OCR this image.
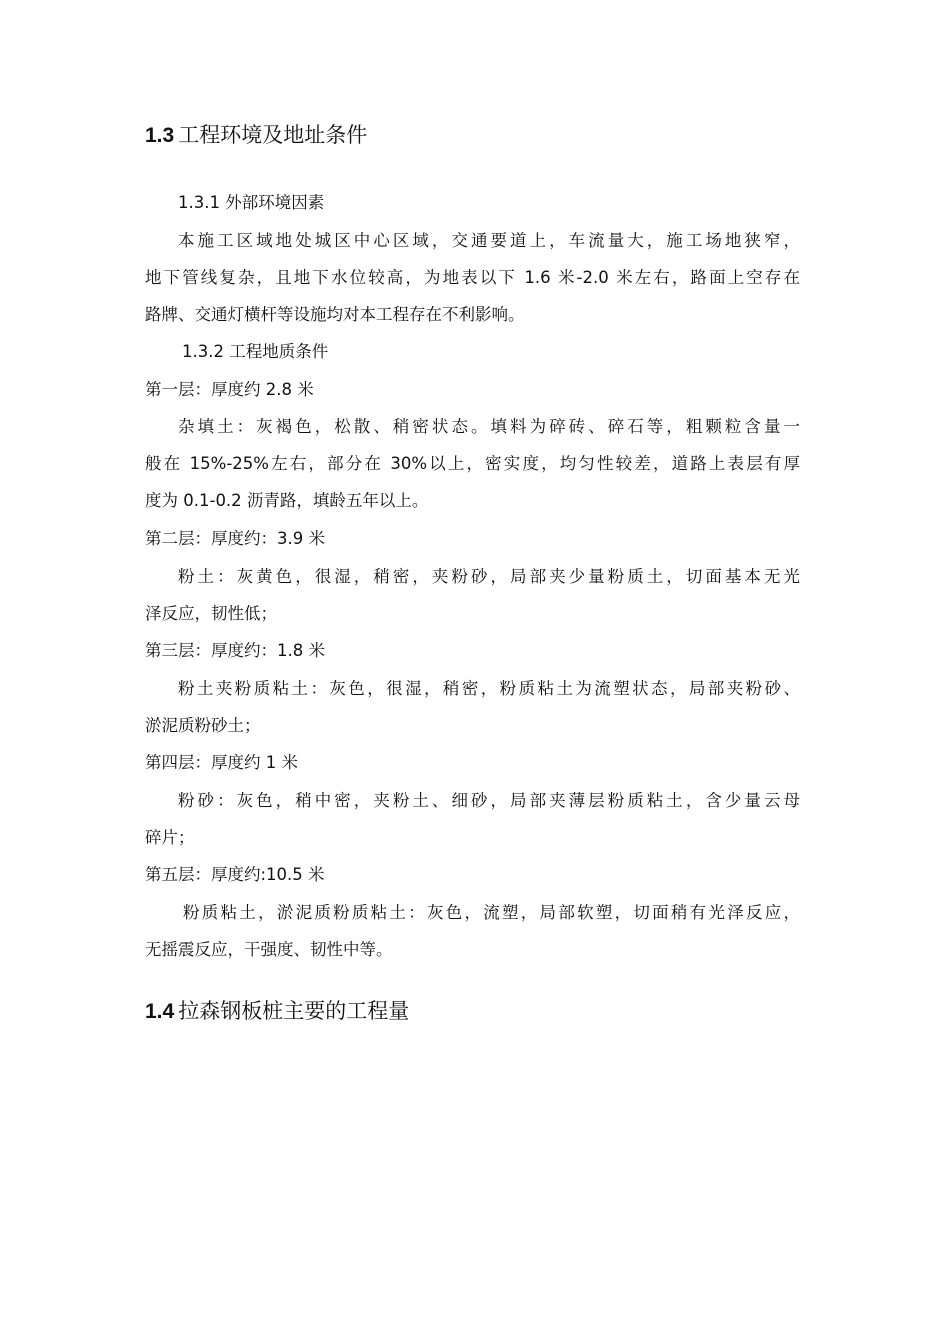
1.3 工程环境及地址条件
1.3.1 外部环境因素
本施工区域地处城区中心区域，交通要道上，车流量大，施工场地狭窄，
地下管线复杂，且地下水位较高，为地表以下 1.6 米-2.0 米左右，路面上空存在
路牌、交通灯横杆等设施均对本工程存在不利影响。
1.3.2 工程地质条件
第一层：厚度约 2.8 米
杂填土：灰褐色，松散、稍密状态。填料为碎砖、碎石等，粗颗粒含量一
般在 15%-25%左右，部分在 30%以上，密实度，均匀性较差，道路上表层有厚
度为 0.1-0.2 沥青路，填龄五年以上。
第二层：厚度约：3.9 米
粉土：灰黄色，很湿，稍密，夹粉砂，局部夹少量粉质土，切面基本无光
泽反应，韧性低；
第三层：厚度约：1.8 米
粉土夹粉质粘土：灰色，很湿，稍密，粉质粘土为流塑状态，局部夹粉砂、
淤泥质粉砂土；
第四层：厚度约 1 米
粉砂：灰色，稍中密，夹粉土、细砂，局部夹薄层粉质粘土，含少量云母
碎片；
第五层：厚度约:10.5 米
粉质粘土，淤泥质粉质粘土：灰色，流塑，局部软塑，切面稍有光泽反应，
无摇震反应，干强度、韧性中等。
1.4 拉森钢板桩主要的工程量
